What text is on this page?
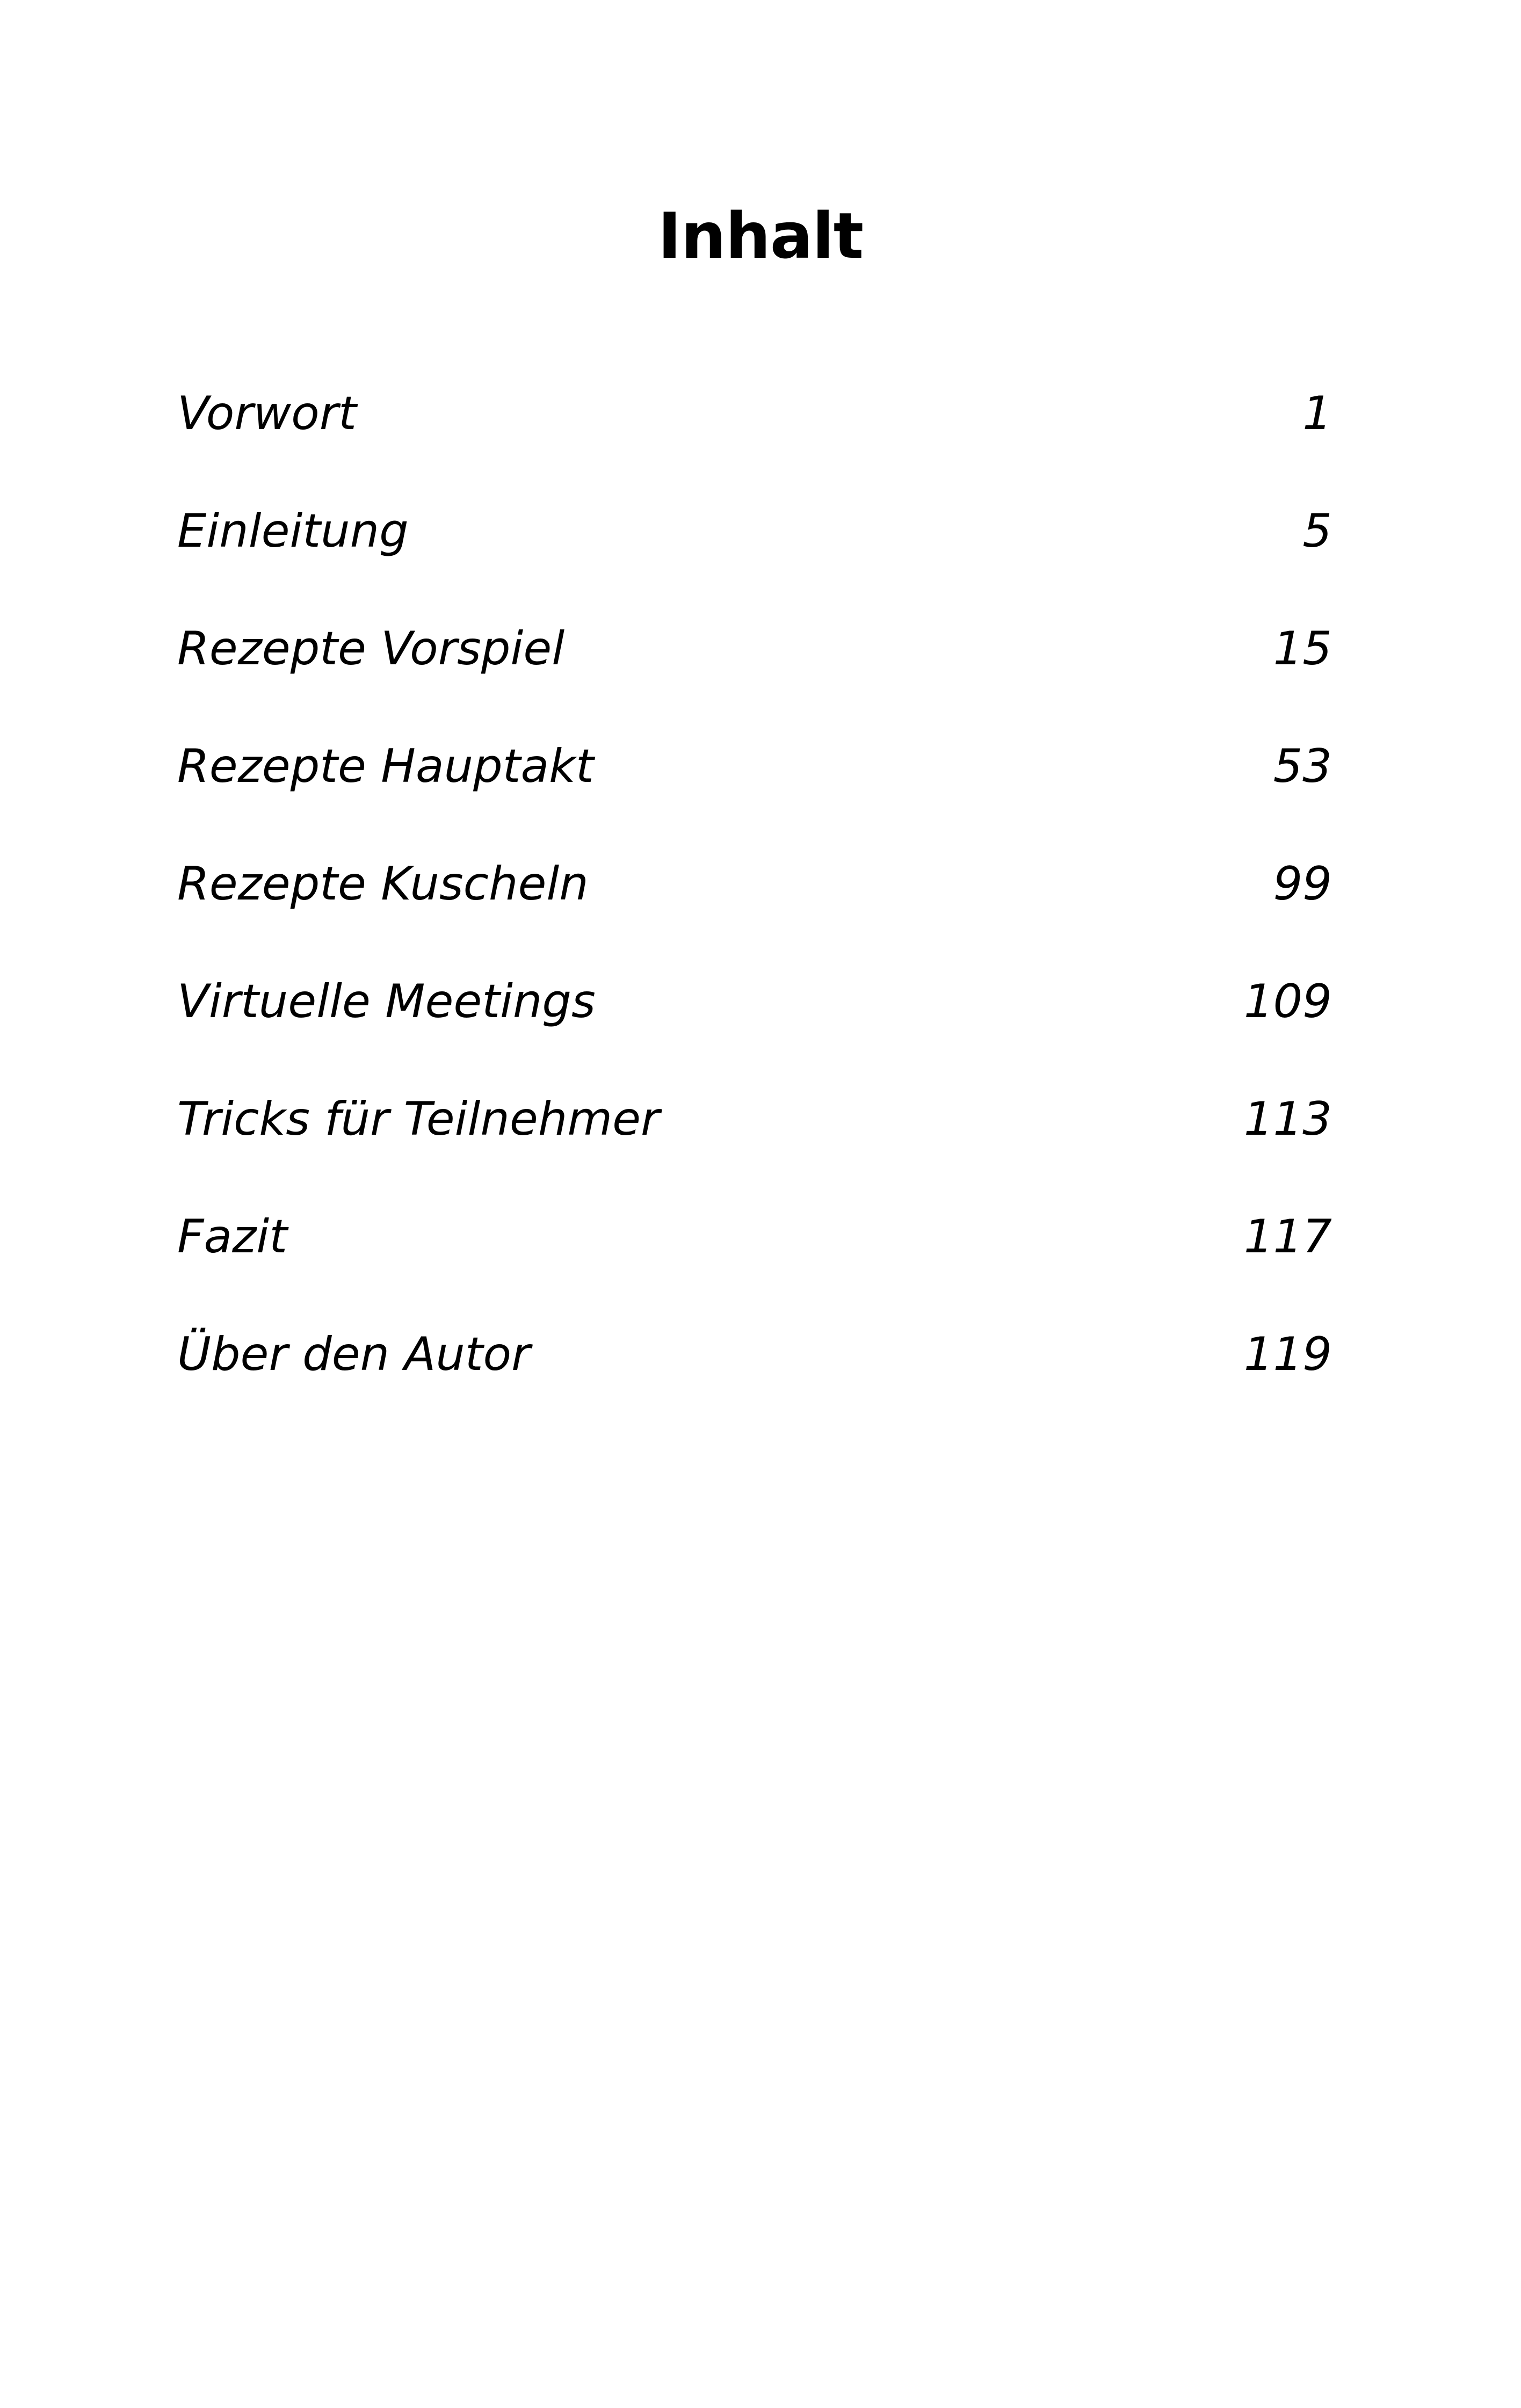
Inhalt
Vorwort	1
Einleitung	5
Rezepte Vorspiel	15
Rezepte Hauptakt	53
Rezepte Kuscheln	99
Virtuelle Meetings	109
Tricks für Teilnehmer	113
Fazit	117
Über den Autor	119
